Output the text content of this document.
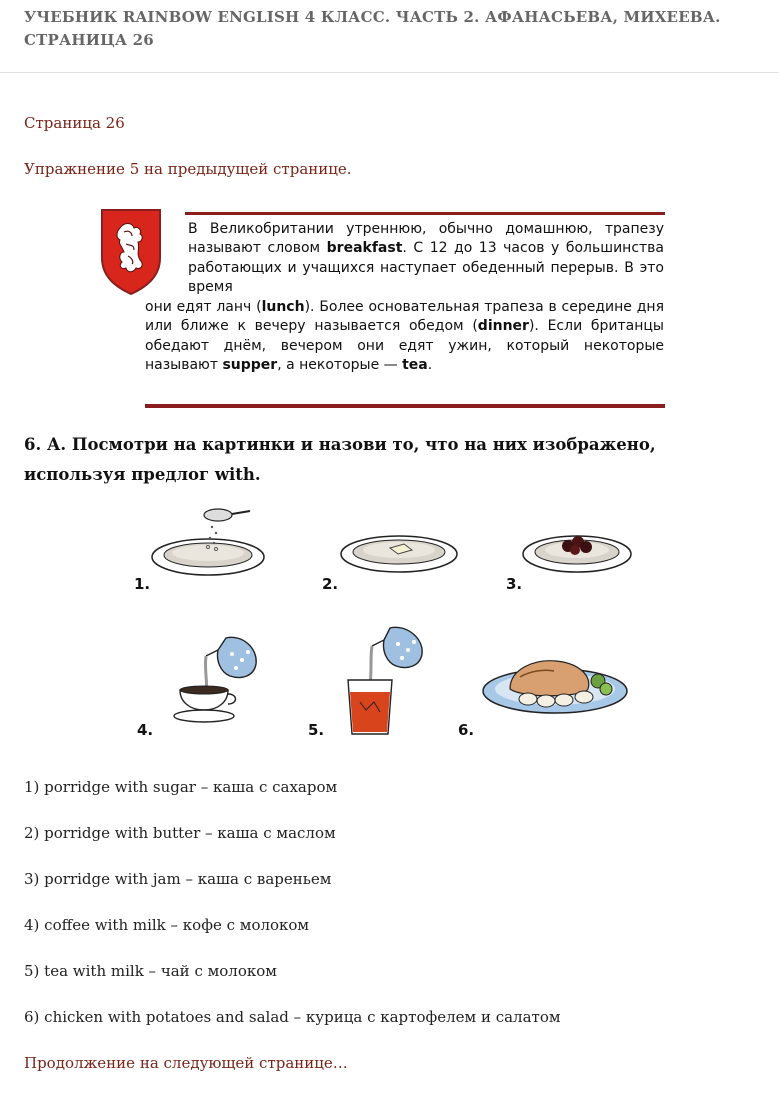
УЧЕБНИК RAINBOW ENGLISH 4 КЛАСС. ЧАСТЬ 2. АФАНАСЬЕВА, МИХЕЕВА. СТРАНИЦА 26
Страница 26
Упражнение 5 на предыдущей странице.
В Великобритании утреннюю, обычно домашнюю, трапезу называют словом breakfast. С 12 до 13 часов у большинства работающих и учащихся наступает обеденный перерыв. В это время
они едят ланч (lunch). Более основательная трапеза в середине дня или ближе к вечеру называется обедом (dinner). Если британцы обедают днём, вечером они едят ужин, который некоторые называют supper, а некоторые — tea.
6. А. Посмотри на картинки и назови то, что на них изображено, используя предлог with.
1.	2.	3.
4.	5.	6.
1) porridge with sugar – каша с сахаром
2) porridge with butter – каша с маслом
3) porridge with jam – каша с вареньем
4) coffee with milk – кофе с молоком
5) tea with milk – чай с молоком
6) chicken with potatoes and salad – курица с картофелем и салатом
Продолжение на следующей странице…
